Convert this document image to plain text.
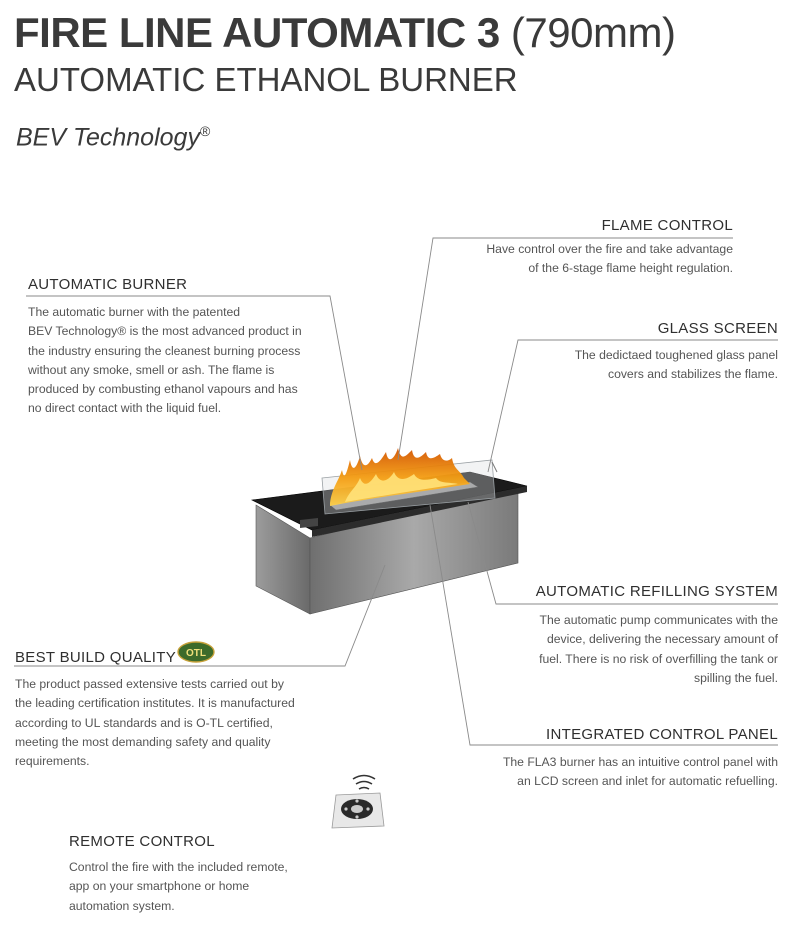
FIRE LINE AUTOMATIC 3 (790mm)
AUTOMATIC ETHANOL BURNER
BEV Technology®
OTL
FLAME CONTROL
Have control over the fire and take advantage
of the 6-stage flame height regulation.
AUTOMATIC BURNER
The automatic burner with the patented
BEV Technology® is the most advanced product in
the industry ensuring the cleanest burning process
without any smoke, smell or ash. The flame is
produced by combusting ethanol vapours and has
no direct contact with the liquid fuel.
GLASS SCREEN
The dedictaed toughened glass panel
covers and stabilizes the flame.
AUTOMATIC REFILLING SYSTEM
The automatic pump communicates with the
device, delivering the necessary amount of
fuel. There is no risk of overfilling the tank or
spilling the fuel.
BEST BUILD QUALITY
The product passed extensive tests carried out by
the leading certification institutes. It is manufactured
according to UL standards and is O-TL certified,
meeting the most demanding safety and quality
requirements.
INTEGRATED CONTROL PANEL
The FLA3 burner has an intuitive control panel with
an LCD screen and inlet for automatic refuelling.
REMOTE CONTROL
Control the fire with the included remote,
app on your smartphone or home
automation system.
